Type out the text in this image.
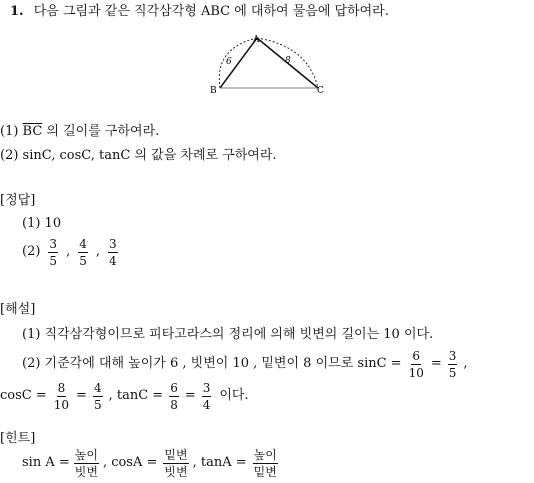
1. 다음 그림과 같은 직각삼각형 ABC 에 대하여 물음에 답하여라.
A
B	C
6	8
(1) $\overline{BC}$ 의 길이를 구하여라.
(2) sinC, cosC, tanC 의 값을 차례로 구하여라.
[정답]
(1) 10
$(2) \frac{3}{5}$ , $\frac{4}{5}$ , $\frac{3}{4}$
[해설]
(1) 직각삼각형이므로 피타고라스의 정리에 의해 빗변의 길이는 10 이다.
(2) 기준각에 대해 높이가 6 , 빗변이 10 , 밑변이 8 이므로 $\sin C = \frac{6}{10} = \frac{3}{5}$ ,
$\cos C = \frac{8}{10} = \frac{4}{5}$ , $\tan C = \frac{6}{8} = \frac{3}{4}$ 이다.
[힌트]
$\sin A = \frac{\text{높이}}{\text{빗변}}$ , $\cos A = \frac{\text{밑변}}{\text{빗변}}$ , $\tan A = \frac{\text{높이}}{\text{밑변}}$
